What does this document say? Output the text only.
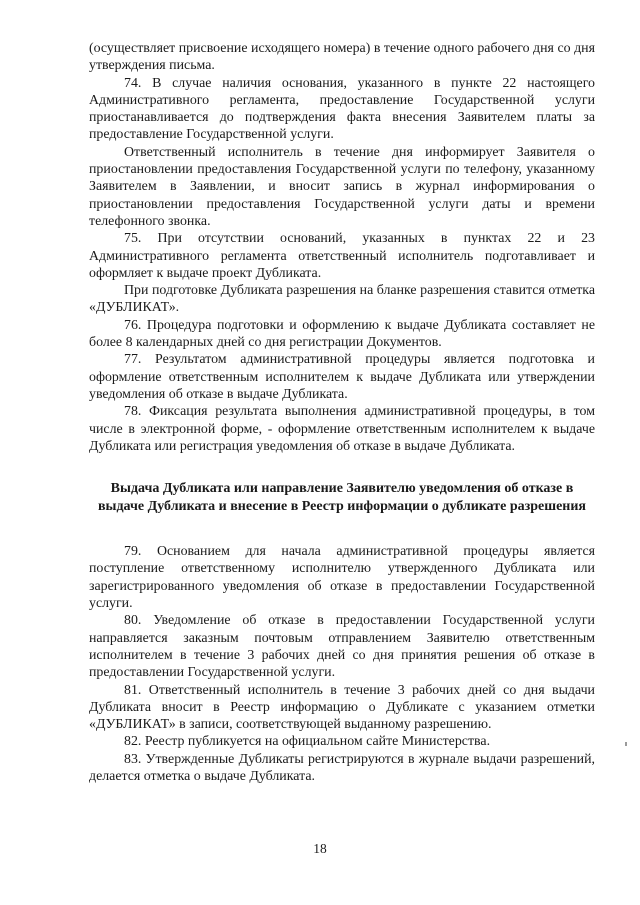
(осуществляет присвоение исходящего номера) в течение одного рабочего дня со дня утверждения письма.

74. В случае наличия основания, указанного в пункте 22 настоящего Административного регламента, предоставление Государственной услуги приостанавливается до подтверждения факта внесения Заявителем платы за предоставление Государственной услуги.

Ответственный исполнитель в течение дня информирует Заявителя о приостановлении предоставления Государственной услуги по телефону, указанному Заявителем в Заявлении, и вносит запись в журнал информирования о приостановлении предоставления Государственной услуги даты и времени телефонного звонка.

75. При отсутствии оснований, указанных в пунктах 22 и 23 Административного регламента ответственный исполнитель подготавливает и оформляет к выдаче проект Дубликата.

При подготовке Дубликата разрешения на бланке разрешения ставится отметка «ДУБЛИКАТ».

76. Процедура подготовки и оформлению к выдаче Дубликата составляет не более 8 календарных дней со дня регистрации Документов.

77. Результатом административной процедуры является подготовка и оформление ответственным исполнителем к выдаче Дубликата или утверждении уведомления об отказе в выдаче Дубликата.

78. Фиксация результата выполнения административной процедуры, в том числе в электронной форме, - оформление ответственным исполнителем к выдаче Дубликата или регистрация уведомления об отказе в выдаче Дубликата.

Выдача Дубликата или направление Заявителю уведомления об отказе в выдаче Дубликата и внесение в Реестр информации о дубликате разрешения

79. Основанием для начала административной процедуры является поступление ответственному исполнителю утвержденного Дубликата или зарегистрированного уведомления об отказе в предоставлении Государственной услуги.

80. Уведомление об отказе в предоставлении Государственной услуги направляется заказным почтовым отправлением Заявителю ответственным исполнителем в течение 3 рабочих дней со дня принятия решения об отказе в предоставлении Государственной услуги.

81. Ответственный исполнитель в течение 3 рабочих дней со дня выдачи Дубликата вносит в Реестр информацию о Дубликате с указанием отметки «ДУБЛИКАТ» в записи, соответствующей выданному разрешению.

82. Реестр публикуется на официальном сайте Министерства.

83. Утвержденные Дубликаты регистрируются в журнале выдачи разрешений, делается отметка о выдаче Дубликата.

18
